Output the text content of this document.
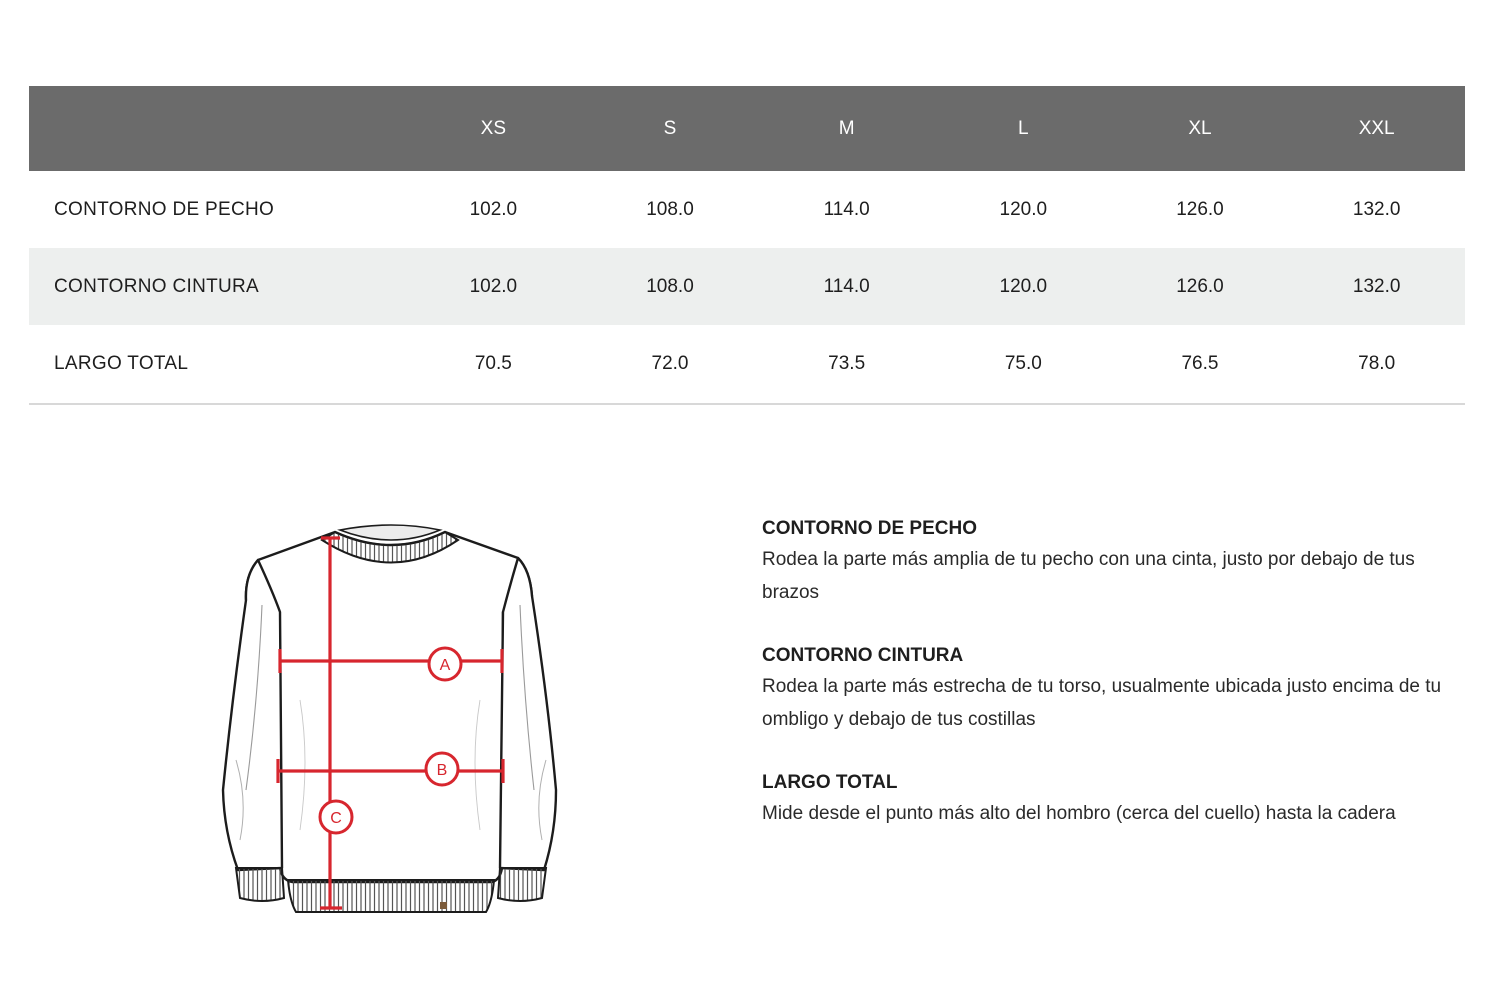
	XS	S	M	L	XL	XXL
CONTORNO DE PECHO	102.0	108.0	114.0	120.0	126.0	132.0
CONTORNO CINTURA	102.0	108.0	114.0	120.0	126.0	132.0
LARGO TOTAL	70.5	72.0	73.5	75.0	76.5	78.0
A
B
C
CONTORNO DE PECHO
Rodea la parte más amplia de tu pecho con una cinta, justo por debajo de tus brazos
CONTORNO CINTURA
Rodea la parte más estrecha de tu torso, usualmente ubicada justo encima de tu ombligo y debajo de tus costillas
LARGO TOTAL
Mide desde el punto más alto del hombro (cerca del cuello) hasta la cadera
